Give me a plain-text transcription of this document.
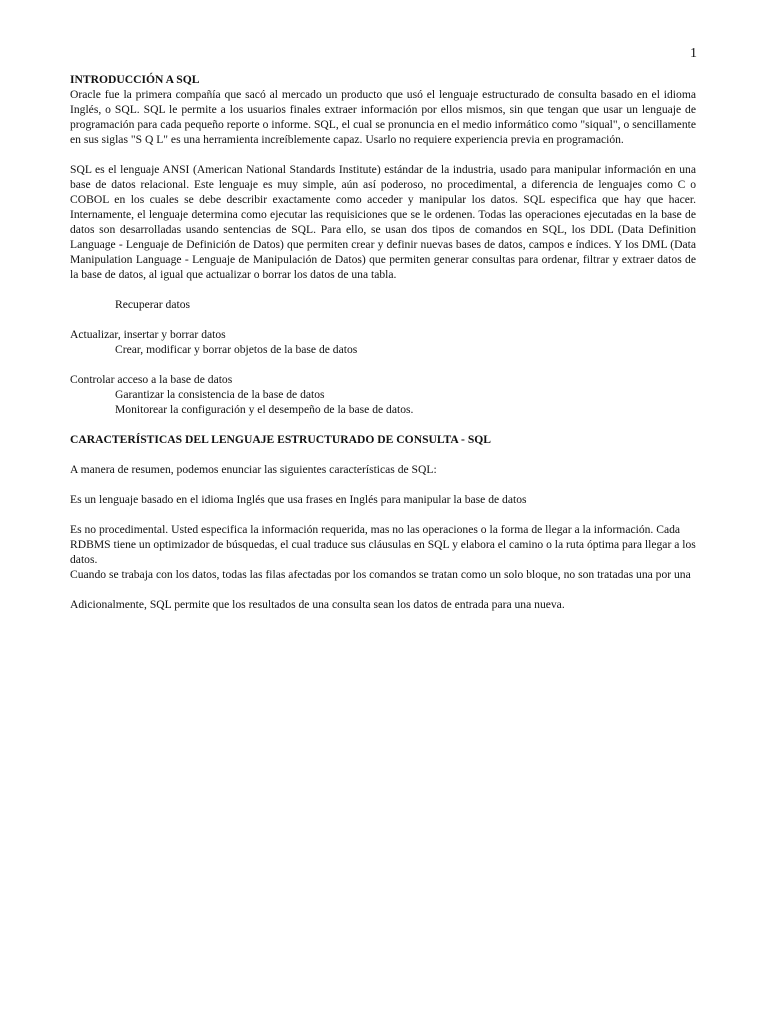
1
INTRODUCCIÓN A SQL

Oracle fue la primera compañía que sacó al mercado un producto que usó el lenguaje estructurado de consulta basado en el idioma Inglés, o SQL. SQL le permite a los usuarios finales extraer información por ellos mismos, sin que tengan que usar un lenguaje de programación para cada pequeño reporte o informe. SQL, el cual se pronuncia en el medio informático como "siqual", o sencillamente en sus siglas "S Q L" es una herramienta increíblemente capaz. Usarlo no requiere experiencia previa en programación.

SQL es el lenguaje ANSI (American National Standards Institute) estándar de la industria, usado para manipular información en una base de datos relacional. Este lenguaje es muy simple, aún así poderoso, no procedimental, a diferencia de lenguajes como C o COBOL en los cuales se debe describir exactamente como acceder y manipular los datos. SQL especifica que hay que hacer. Internamente, el lenguaje determina como ejecutar las requisiciones que se le ordenen. Todas las operaciones ejecutadas en la base de datos son desarrolladas usando sentencias de SQL. Para ello, se usan dos tipos de comandos en SQL, los DDL (Data Definition Language - Lenguaje de Definición de Datos) que permiten crear y definir nuevas bases de datos, campos e índices. Y los DML (Data Manipulation Language - Lenguaje de Manipulación de Datos) que permiten generar consultas para ordenar, filtrar y extraer datos de la base de datos, al igual que actualizar o borrar los datos de una tabla.

Recuperar datos

Actualizar, insertar y borrar datos

Crear, modificar y borrar objetos de la base de datos

Controlar acceso a la base de datos

Garantizar la consistencia de la base de datos

Monitorear la configuración y el desempeño de la base de datos.

CARACTERÍSTICAS DEL LENGUAJE ESTRUCTURADO DE CONSULTA - SQL

A manera de resumen, podemos enunciar las siguientes características de SQL:

Es un lenguaje basado en el idioma Inglés que usa frases en Inglés para manipular la base de datos

Es no procedimental. Usted especifica la información requerida, mas no las operaciones o la forma de llegar a la información. Cada RDBMS tiene un optimizador de búsquedas, el cual traduce sus cláusulas en SQL y elabora el camino o la ruta óptima para llegar a los datos.

Cuando se trabaja con los datos, todas las filas afectadas por los comandos se tratan como un solo bloque, no son tratadas una por una

Adicionalmente, SQL permite que los resultados de una consulta sean los datos de entrada para una nueva.
